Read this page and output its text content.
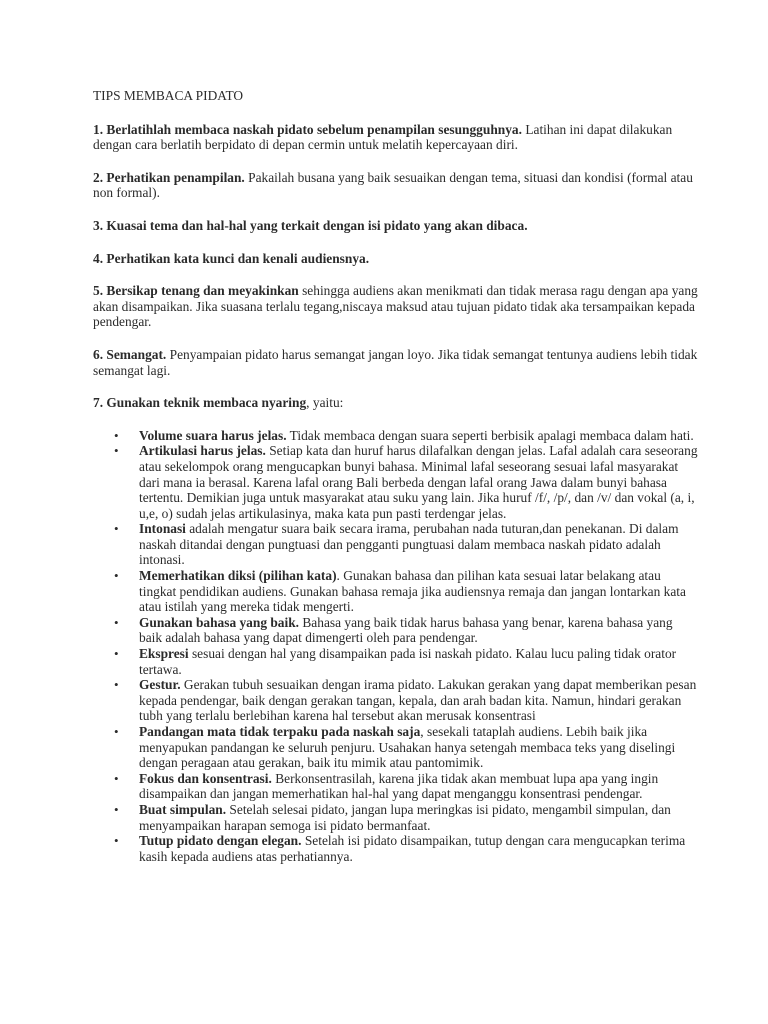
TIPS MEMBACA PIDATO

1. Berlatihlah membaca naskah pidato sebelum penampilan sesungguhnya. Latihan ini dapat dilakukan dengan cara berlatih berpidato di depan cermin untuk melatih kepercayaan diri.

2. Perhatikan penampilan. Pakailah busana yang baik sesuaikan dengan tema, situasi dan kondisi (formal atau non formal).

3. Kuasai tema dan hal-hal yang terkait dengan isi pidato yang akan dibaca.

4. Perhatikan kata kunci dan kenali audiensnya.

5. Bersikap tenang dan meyakinkan sehingga audiens akan menikmati dan tidak merasa ragu dengan apa yang akan disampaikan. Jika suasana terlalu tegang,niscaya maksud atau tujuan pidato tidak aka tersampaikan kepada pendengar.

6. Semangat. Penyampaian pidato harus semangat jangan loyo. Jika tidak semangat tentunya audiens lebih tidak semangat lagi.

7. Gunakan teknik membaca nyaring, yaitu:

• Volume suara harus jelas. Tidak membaca dengan suara seperti berbisik apalagi membaca dalam hati.
• Artikulasi harus jelas. Setiap kata dan huruf harus dilafalkan dengan jelas. Lafal adalah cara seseorang atau sekelompok orang mengucapkan bunyi bahasa. Minimal lafal seseorang sesuai lafal masyarakat dari mana ia berasal. Karena lafal orang Bali berbeda dengan lafal orang Jawa dalam bunyi bahasa tertentu. Demikian juga untuk masyarakat atau suku yang lain. Jika huruf /f/, /p/, dan /v/ dan vokal (a, i, u,e, o) sudah jelas artikulasinya, maka kata pun pasti terdengar jelas.
• Intonasi adalah mengatur suara baik secara irama, perubahan nada tuturan,dan penekanan. Di dalam naskah ditandai dengan pungtuasi dan pengganti pungtuasi dalam membaca naskah pidato adalah intonasi.
• Memerhatikan diksi (pilihan kata). Gunakan bahasa dan pilihan kata sesuai latar belakang atau tingkat pendidikan audiens. Gunakan bahasa remaja jika audiensnya remaja dan jangan lontarkan kata atau istilah yang mereka tidak mengerti.
• Gunakan bahasa yang baik. Bahasa yang baik tidak harus bahasa yang benar, karena bahasa yang baik adalah bahasa yang dapat dimengerti oleh para pendengar.
• Ekspresi sesuai dengan hal yang disampaikan pada isi naskah pidato. Kalau lucu paling tidak orator tertawa.
• Gestur. Gerakan tubuh sesuaikan dengan irama pidato. Lakukan gerakan yang dapat memberikan pesan kepada pendengar, baik dengan gerakan tangan, kepala, dan arah badan kita. Namun, hindari gerakan tubh yang terlalu berlebihan karena hal tersebut akan merusak konsentrasi
• Pandangan mata tidak terpaku pada naskah saja, sesekali tataplah audiens. Lebih baik jika menyapukan pandangan ke seluruh penjuru. Usahakan hanya setengah membaca teks yang diselingi dengan peragaan atau gerakan, baik itu mimik atau pantomimik.
• Fokus dan konsentrasi. Berkonsentrasilah, karena jika tidak akan membuat lupa apa yang ingin disampaikan dan jangan memerhatikan hal-hal yang dapat menganggu konsentrasi pendengar.
• Buat simpulan. Setelah selesai pidato, jangan lupa meringkas isi pidato, mengambil simpulan, dan menyampaikan harapan semoga isi pidato bermanfaat.
• Tutup pidato dengan elegan. Setelah isi pidato disampaikan, tutup dengan cara mengucapkan terima kasih kepada audiens atas perhatiannya.
